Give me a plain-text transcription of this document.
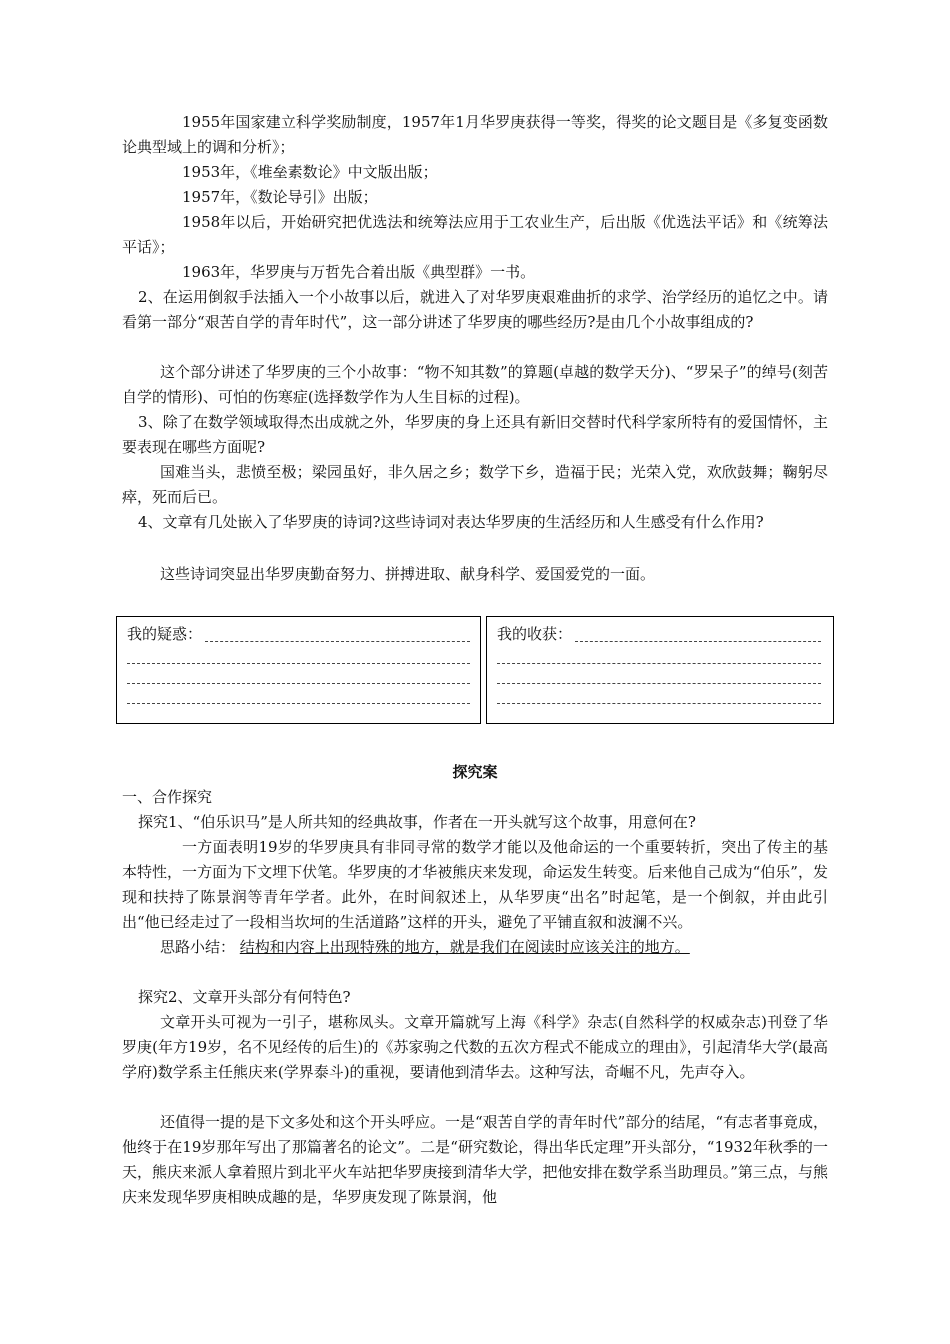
1955年国家建立科学奖励制度，1957年1月华罗庚获得一等奖，得奖的论文题目是《多复变函数论典型域上的调和分析》；

1953年，《堆垒素数论》中文版出版；

1957年，《数论导引》出版；

1958年以后，开始研究把优选法和统筹法应用于工农业生产，后出版《优选法平话》和《统筹法平话》；

1963年，华罗庚与万哲先合着出版《典型群》一书。

2、在运用倒叙手法插入一个小故事以后，就进入了对华罗庚艰难曲折的求学、治学经历的追忆之中。请看第一部分“艰苦自学的青年时代”，这一部分讲述了华罗庚的哪些经历?是由几个小故事组成的?

这个部分讲述了华罗庚的三个小故事：“物不知其数”的算题(卓越的数学天分)、“罗呆子”的绰号(刻苦自学的情形)、可怕的伤寒症(选择数学作为人生目标的过程)。

3、除了在数学领域取得杰出成就之外，华罗庚的身上还具有新旧交替时代科学家所特有的爱国情怀，主要表现在哪些方面呢?

国难当头，悲愤至极；梁园虽好，非久居之乡；数学下乡，造福于民；光荣入党，欢欣鼓舞；鞠躬尽瘁，死而后已。

4、文章有几处嵌入了华罗庚的诗词?这些诗词对表达华罗庚的生活经历和人生感受有什么作用?

这些诗词突显出华罗庚勤奋努力、拼搏进取、献身科学、爱国爱党的一面。

我的疑惑：	我的收获：
探究案

一、合作探究

探究1、“伯乐识马”是人所共知的经典故事，作者在一开头就写这个故事，用意何在?

一方面表明19岁的华罗庚具有非同寻常的数学才能以及他命运的一个重要转折，突出了传主的基本特性，一方面为下文埋下伏笔。华罗庚的才华被熊庆来发现，命运发生转变。后来他自己成为“伯乐”，发现和扶持了陈景润等青年学者。此外，在时间叙述上，从华罗庚“出名”时起笔，是一个倒叙，并由此引出“他已经走过了一段相当坎坷的生活道路”这样的开头，避免了平铺直叙和波澜不兴。

思路小结： 结构和内容上出现特殊的地方，就是我们在阅读时应该关注的地方。

探究2、文章开头部分有何特色?

文章开头可视为一引子，堪称凤头。文章开篇就写上海《科学》杂志(自然科学的权威杂志)刊登了华罗庚(年方19岁，名不见经传的后生)的《苏家驹之代数的五次方程式不能成立的理由》，引起清华大学(最高学府)数学系主任熊庆来(学界泰斗)的重视，要请他到清华去。这种写法，奇崛不凡，先声夺入。

还值得一提的是下文多处和这个开头呼应。一是“艰苦自学的青年时代”部分的结尾，“有志者事竟成，他终于在19岁那年写出了那篇著名的论文”。二是“研究数论，得出华氏定理”开头部分，“1932年秋季的一天，熊庆来派人拿着照片到北平火车站把华罗庚接到清华大学，把他安排在数学系当助理员。”第三点，与熊庆来发现华罗庚相映成趣的是，华罗庚发现了陈景润，他
